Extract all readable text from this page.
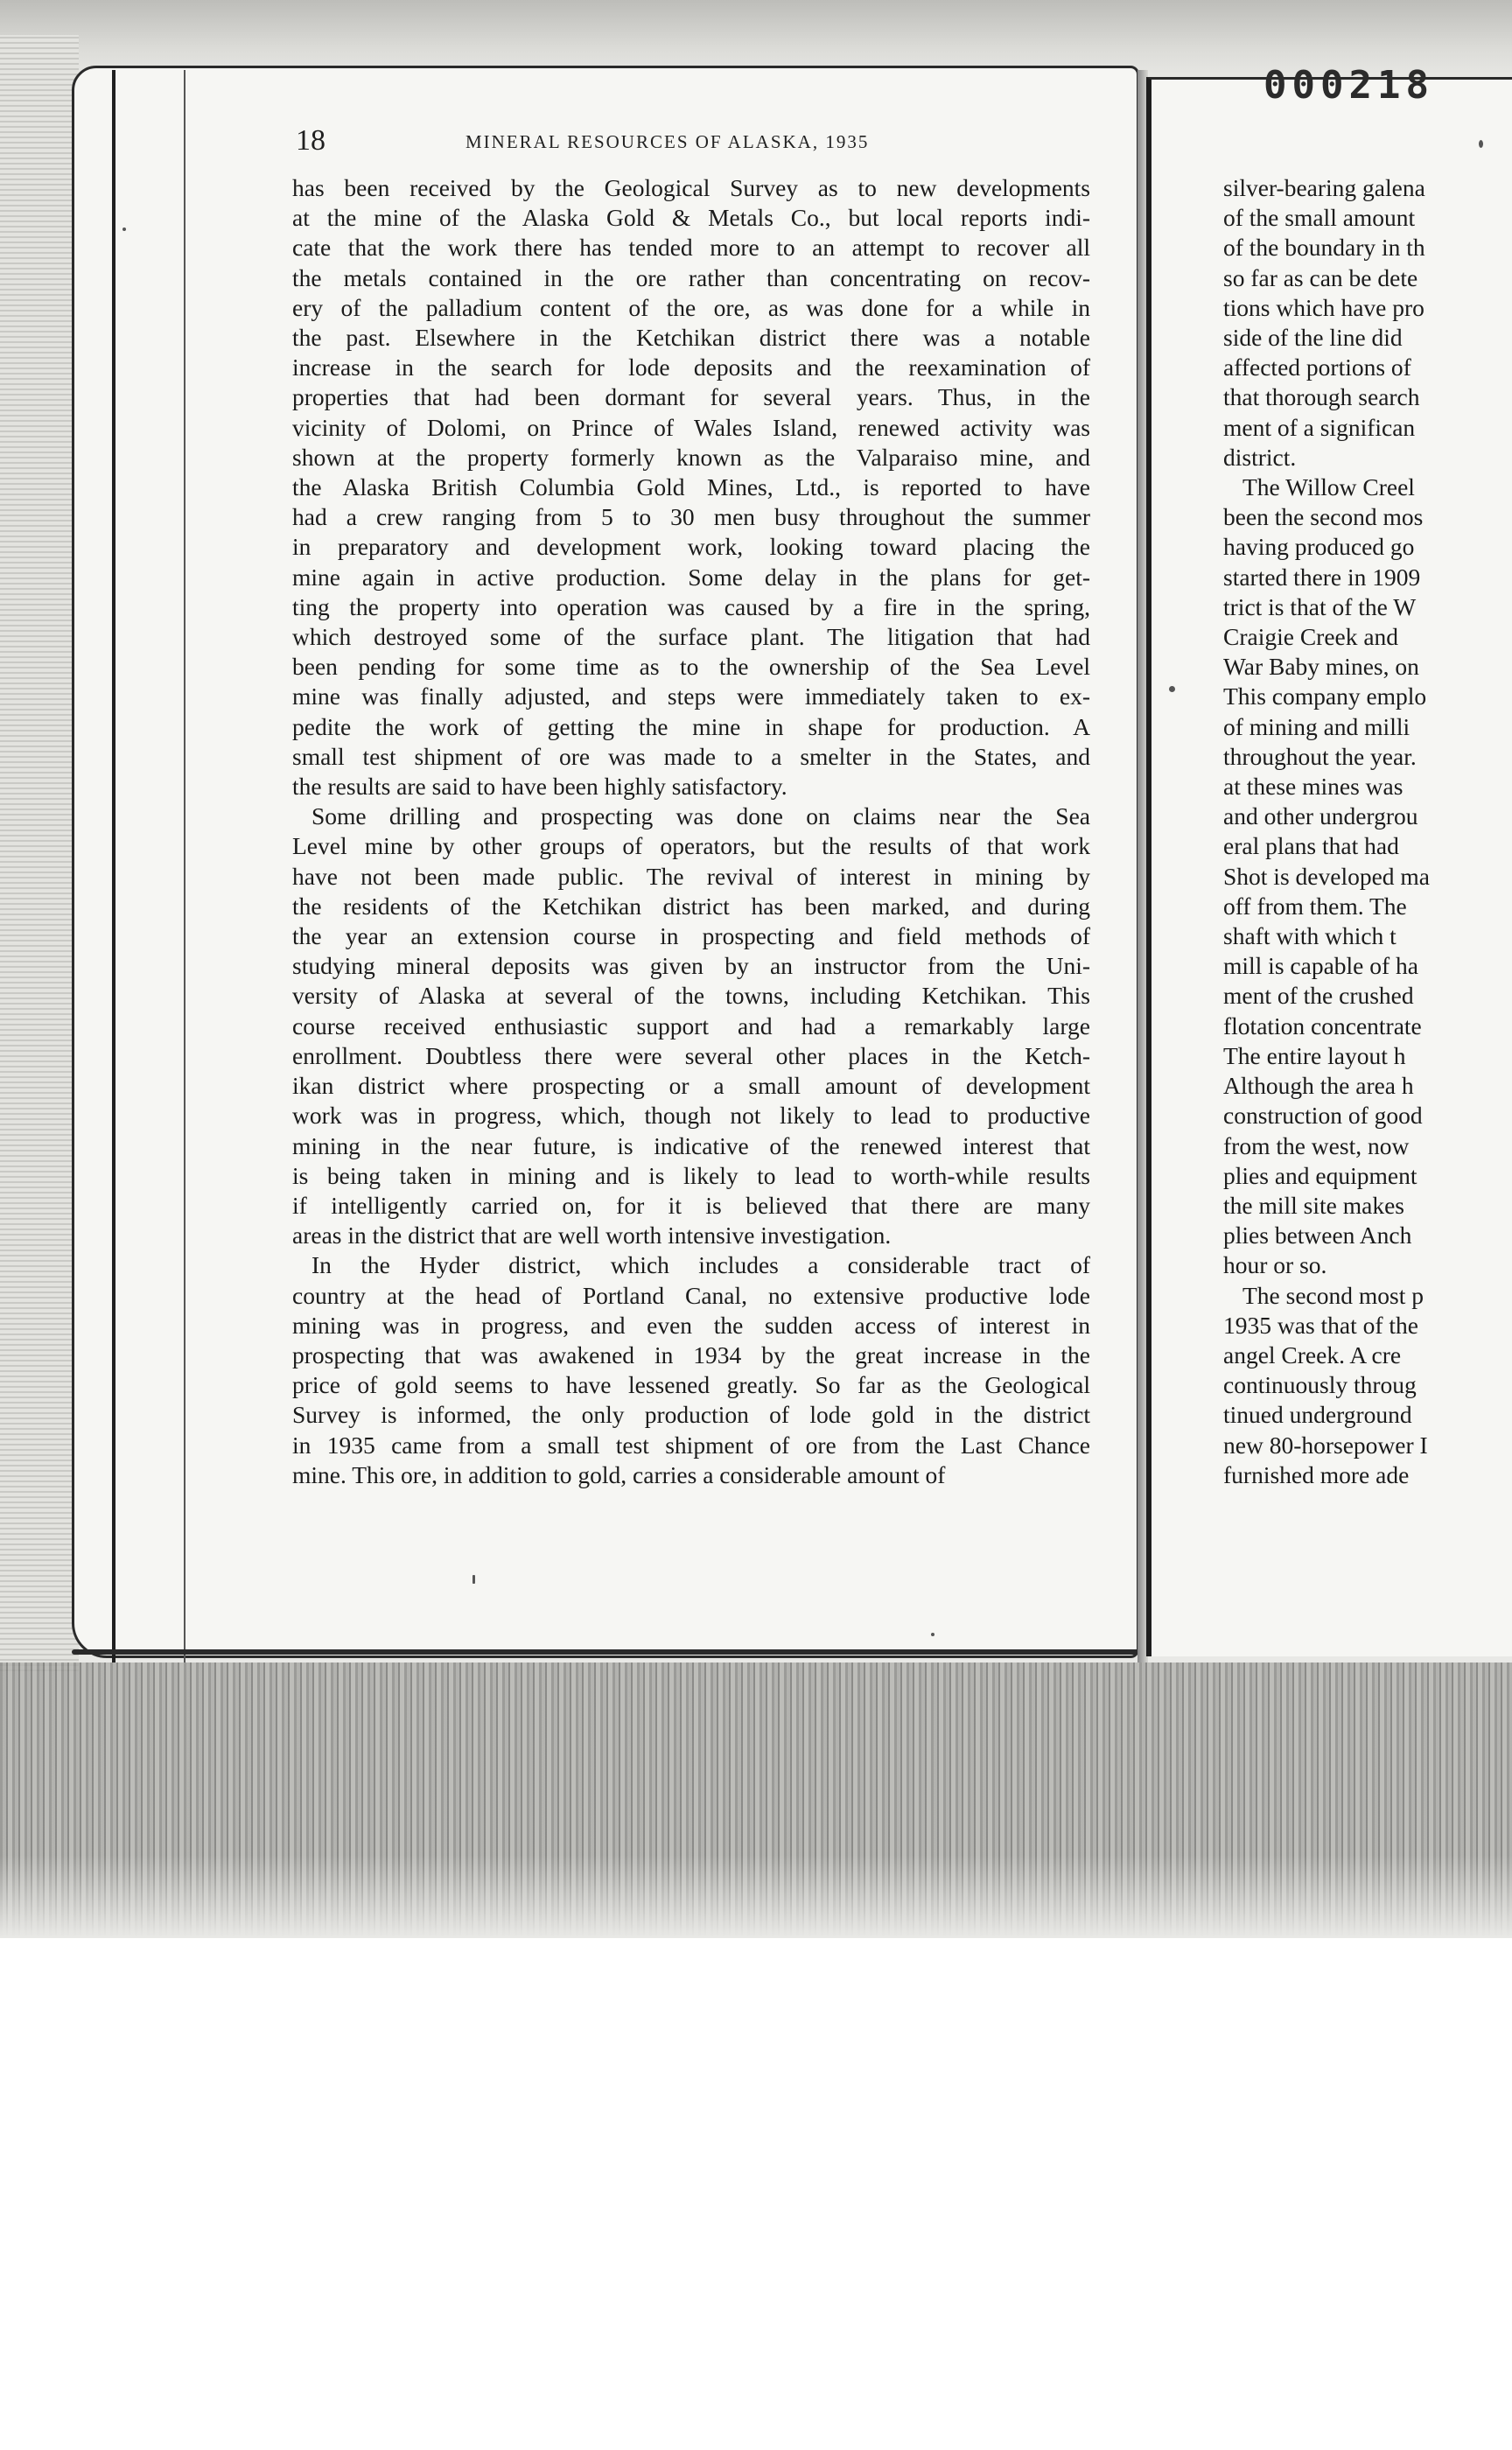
000218
18	MINERAL RESOURCES OF ALASKA, 1935
has been received by the Geological Survey as to new developments
at the mine of the Alaska Gold & Metals Co., but local reports indi-
cate that the work there has tended more to an attempt to recover all
the metals contained in the ore rather than concentrating on recov-
ery of the palladium content of the ore, as was done for a while in
the past. Elsewhere in the Ketchikan district there was a notable
increase in the search for lode deposits and the reexamination of
properties that had been dormant for several years. Thus, in the
vicinity of Dolomi, on Prince of Wales Island, renewed activity was
shown at the property formerly known as the Valparaiso mine, and
the Alaska British Columbia Gold Mines, Ltd., is reported to have
had a crew ranging from 5 to 30 men busy throughout the summer
in preparatory and development work, looking toward placing the
mine again in active production. Some delay in the plans for get-
ting the property into operation was caused by a fire in the spring,
which destroyed some of the surface plant. The litigation that had
been pending for some time as to the ownership of the Sea Level
mine was finally adjusted, and steps were immediately taken to ex-
pedite the work of getting the mine in shape for production. A
small test shipment of ore was made to a smelter in the States, and
the results are said to have been highly satisfactory.
Some drilling and prospecting was done on claims near the Sea
Level mine by other groups of operators, but the results of that work
have not been made public. The revival of interest in mining by
the residents of the Ketchikan district has been marked, and during
the year an extension course in prospecting and field methods of
studying mineral deposits was given by an instructor from the Uni-
versity of Alaska at several of the towns, including Ketchikan. This
course received enthusiastic support and had a remarkably large
enrollment. Doubtless there were several other places in the Ketch-
ikan district where prospecting or a small amount of development
work was in progress, which, though not likely to lead to productive
mining in the near future, is indicative of the renewed interest that
is being taken in mining and is likely to lead to worth-while results
if intelligently carried on, for it is believed that there are many
areas in the district that are well worth intensive investigation.
In the Hyder district, which includes a considerable tract of
country at the head of Portland Canal, no extensive productive lode
mining was in progress, and even the sudden access of interest in
prospecting that was awakened in 1934 by the great increase in the
price of gold seems to have lessened greatly. So far as the Geological
Survey is informed, the only production of lode gold in the district
in 1935 came from a small test shipment of ore from the Last Chance
mine. This ore, in addition to gold, carries a considerable amount of
silver-bearing galena
of the small amount
of the boundary in th
so far as can be dete
tions which have pro
side of the line did
affected portions of
that thorough search
ment of a significan
district.
The Willow Creel
been the second mos
having produced go
started there in 1909
trict is that of the W
Craigie Creek and
War Baby mines, on
This company emplo
of mining and milli
throughout the year.
at these mines was
and other undergrou
eral plans that had
Shot is developed ma
off from them. The
shaft with which t
mill is capable of ha
ment of the crushed
flotation concentrate
The entire layout h
Although the area h
construction of good
from the west, now
plies and equipment
the mill site makes
plies between Anch
hour or so.
The second most p
1935 was that of the
angel Creek. A cre
continuously throug
tinued underground
new 80-horsepower I
furnished more ade
